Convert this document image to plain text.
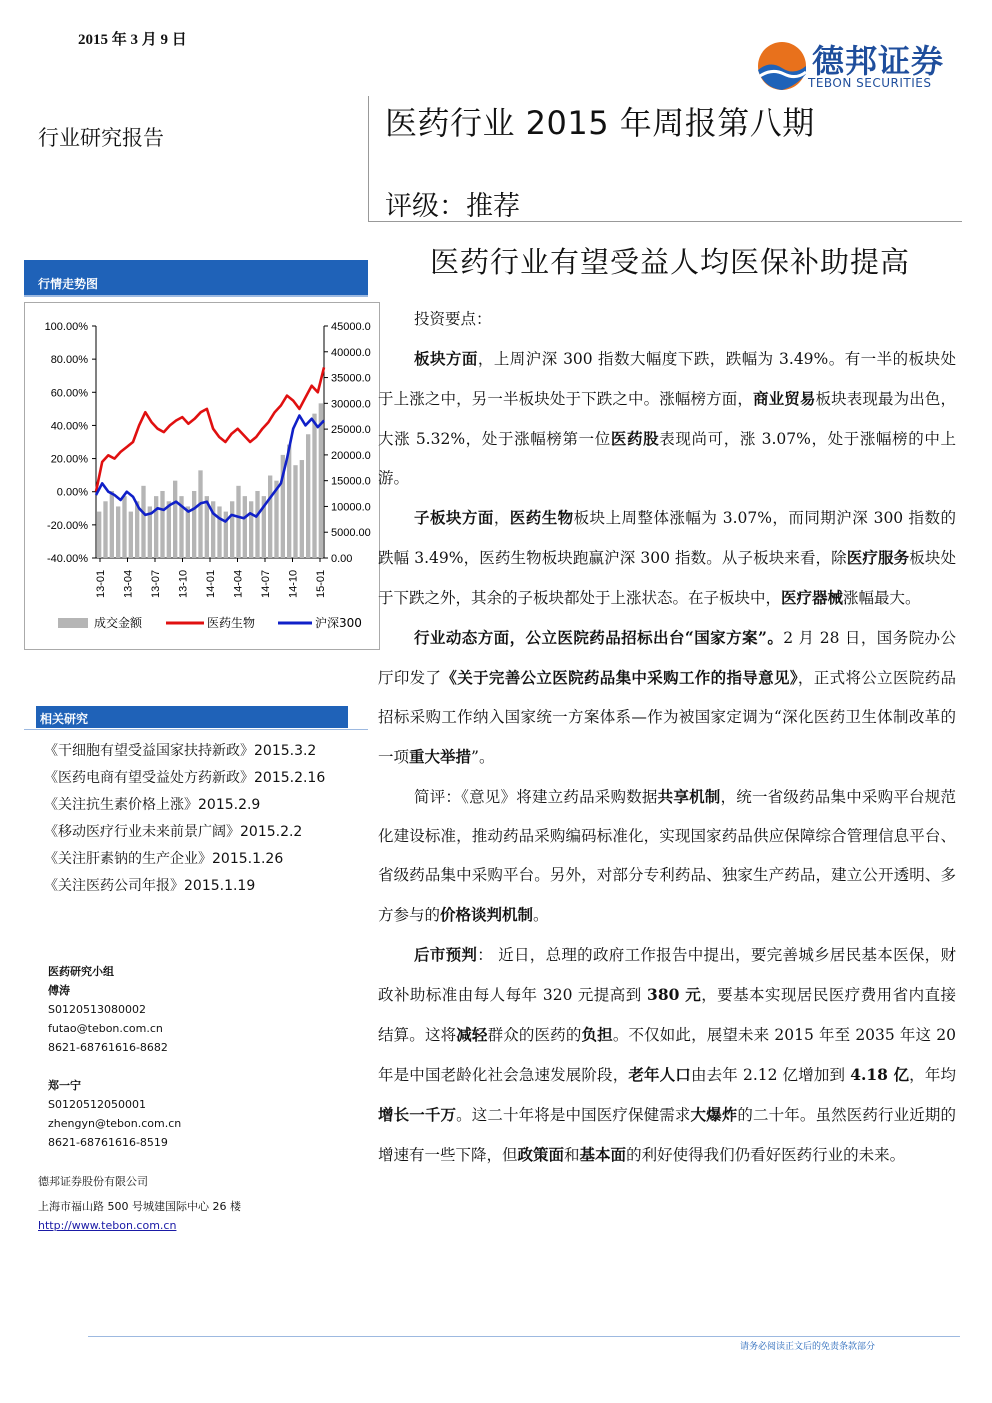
2015 年 3 月 9 日
行业研究报告	医药行业 2015 年周报第八期
评级：推荐
医药行业有望受益人均医保补助提高
德邦证券
TEBON SECURITIES
行情走势图
100.00%
80.00%
60.00%
40.00%
20.00%
0.00%
-20.00%
-40.00%
45000.0
40000.0
35000.0
30000.0
25000.0
20000.0
15000.0
10000.0
5000.00
0.00
13-01 13-04 13-07 13-10 14-01 14-04 14-07 14-10 15-01
成交金额	医药生物	沪深300
相关研究
《干细胞有望受益国家扶持新政》2015.3.2
《医药电商有望受益处方药新政》2015.2.16
《关注抗生素价格上涨》2015.2.9
《移动医疗行业未来前景广阔》2015.2.2
《关注肝素钠的生产企业》2015.1.26
《关注医药公司年报》2015.1.19
医药研究小组
傅涛
S0120513080002
futao@tebon.com.cn
8621-68761616-8682
郑一宁
S0120512050001
zhengyn@tebon.com.cn
8621-68761616-8519
德邦证券股份有限公司
上海市福山路 500 号城建国际中心 26 楼
http://www.tebon.com.cn

投资要点：

板块方面，上周沪深 300 指数大幅度下跌，跌幅为 3.49%。有一半的板块处于上涨之中，另一半板块处于下跌之中。涨幅榜方面，商业贸易板块表现最为出色，大涨 5.32%，处于涨幅榜第一位医药股表现尚可，涨 3.07%，处于涨幅榜的中上游。

子板块方面，医药生物板块上周整体涨幅为 3.07%，而同期沪深 300 指数的跌幅 3.49%，医药生物板块跑赢沪深 300 指数。从子板块来看，除医疗服务板块处于下跌之外，其余的子板块都处于上涨状态。在子板块中，医疗器械涨幅最大。

行业动态方面，公立医院药品招标出台“国家方案”。2 月 28 日，国务院办公厅印发了《关于完善公立医院药品集中采购工作的指导意见》，正式将公立医院药品招标采购工作纳入国家统一方案体系—作为被国家定调为“深化医药卫生体制改革的一项重大举措”。

简评：《意见》将建立药品采购数据共享机制，统一省级药品集中采购平台规范化建设标准，推动药品采购编码标准化，实现国家药品供应保障综合管理信息平台、省级药品集中采购平台。另外，对部分专利药品、独家生产药品，建立公开透明、多方参与的价格谈判机制。

后市预判： 近日，总理的政府工作报告中提出，要完善城乡居民基本医保，财政补助标准由每人每年 320 元提高到 380 元，要基本实现居民医疗费用省内直接结算。这将减轻群众的医药的负担。不仅如此，展望未来 2015 年至 2035 年这 20 年是中国老龄化社会急速发展阶段，老年人口由去年 2.12 亿增加到 4.18 亿，年均增长一千万。这二十年将是中国医疗保健需求大爆炸的二十年。虽然医药行业近期的增速有一些下降，但政策面和基本面的利好使得我们仍看好医药行业的未来。

请务必阅读正文后的免责条款部分
